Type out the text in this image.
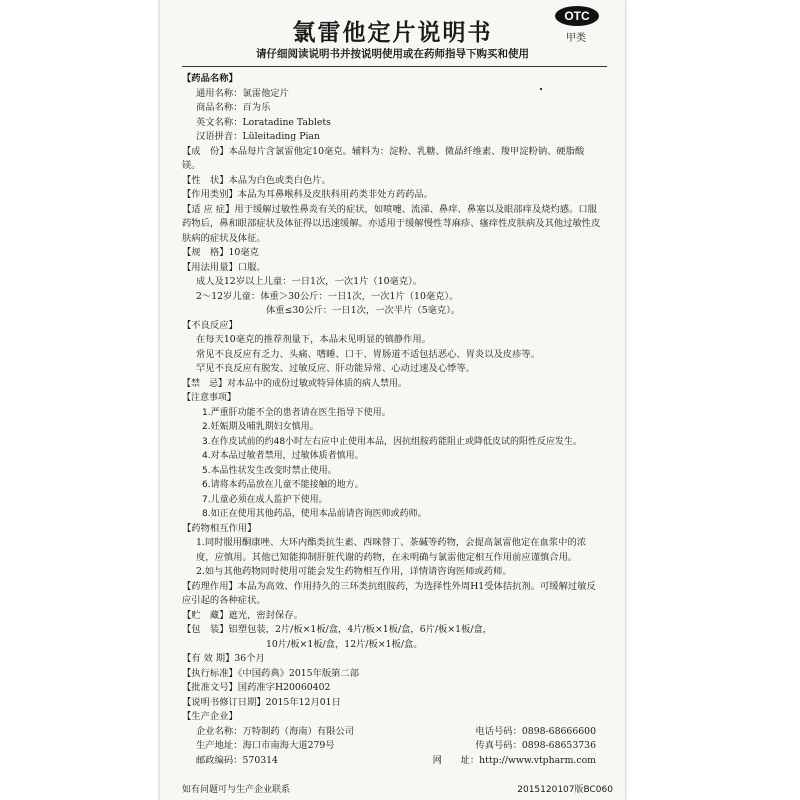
氯雷他定片说明书
OTC
甲类
请仔细阅读说明书并按说明使用或在药师指导下购买和使用
【药品名称】
通用名称：氯雷他定片
商品名称：百为乐
英文名称：Loratadine Tablets
汉语拼音：Lüleitading Pian
【成　份】本品每片含氯雷他定10毫克。辅料为：淀粉、乳糖、微晶纤维素、羧甲淀粉钠、硬脂酸镁。
【性　状】本品为白色或类白色片。
【作用类别】本品为耳鼻喉科及皮肤科用药类非处方药药品。
【适 应 症】用于缓解过敏性鼻炎有关的症状，如喷嚏、流涕、鼻痒、鼻塞以及眼部痒及烧灼感。口服药物后，鼻和眼部症状及体征得以迅速缓解。亦适用于缓解慢性荨麻疹、瘙痒性皮肤病及其他过敏性皮肤病的症状及体征。
【规　格】10毫克
【用法用量】口服。
成人及12岁以上儿童：一日1次，一次1片（10毫克）。
2～12岁儿童：体重＞30公斤：一日1次，一次1片（10毫克）。
体重≤30公斤：一日1次，一次半片（5毫克）。
【不良反应】
在每天10毫克的推荐剂量下，本品未见明显的镇静作用。
常见不良反应有乏力、头痛、嗜睡、口干、胃肠道不适包括恶心、胃炎以及皮疹等。
罕见不良反应有脱发、过敏反应、肝功能异常、心动过速及心悸等。
【禁　忌】对本品中的成份过敏或特异体质的病人禁用。
【注意事项】
1.严重肝功能不全的患者请在医生指导下使用。
2.妊娠期及哺乳期妇女慎用。
3.在作皮试前的约48小时左右应中止使用本品，因抗组胺药能阻止或降低皮试的阳性反应发生。
4.对本品过敏者禁用，过敏体质者慎用。
5.本品性状发生改变时禁止使用。
6.请将本药品放在儿童不能接触的地方。
7.儿童必须在成人监护下使用。
8.如正在使用其他药品，使用本品前请咨询医师或药师。
【药物相互作用】
1.同时服用酮康唑、大环内酯类抗生素、西咪替丁、茶碱等药物，会提高氯雷他定在血浆中的浓度，应慎用。其他已知能抑制肝脏代谢的药物，在未明确与氯雷他定相互作用前应谨慎合用。
2.如与其他药物同时使用可能会发生药物相互作用，详情请咨询医师或药师。
【药理作用】本品为高效、作用持久的三环类抗组胺药，为选择性外周H1受体拮抗剂。可缓解过敏反应引起的各种症状。
【贮　藏】遮光，密封保存。
【包　装】铝塑包装，2片/板×1板/盒，4片/板×1板/盒，6片/板×1板/盒，
10片/板×1板/盒，12片/板×1板/盒。
【有 效 期】36个月
【执行标准】《中国药典》2015年版第二部
【批准文号】国药准字H20060402
【说明书修订日期】2015年12月01日
【生产企业】
企业名称：万特制药（海南）有限公司	电话号码：0898-68666600
生产地址：海口市南海大道279号	传真号码：0898-68653736
邮政编码：570314	网　　址：http://www.vtpharm.com
如有问题可与生产企业联系	2015120107版BC060
